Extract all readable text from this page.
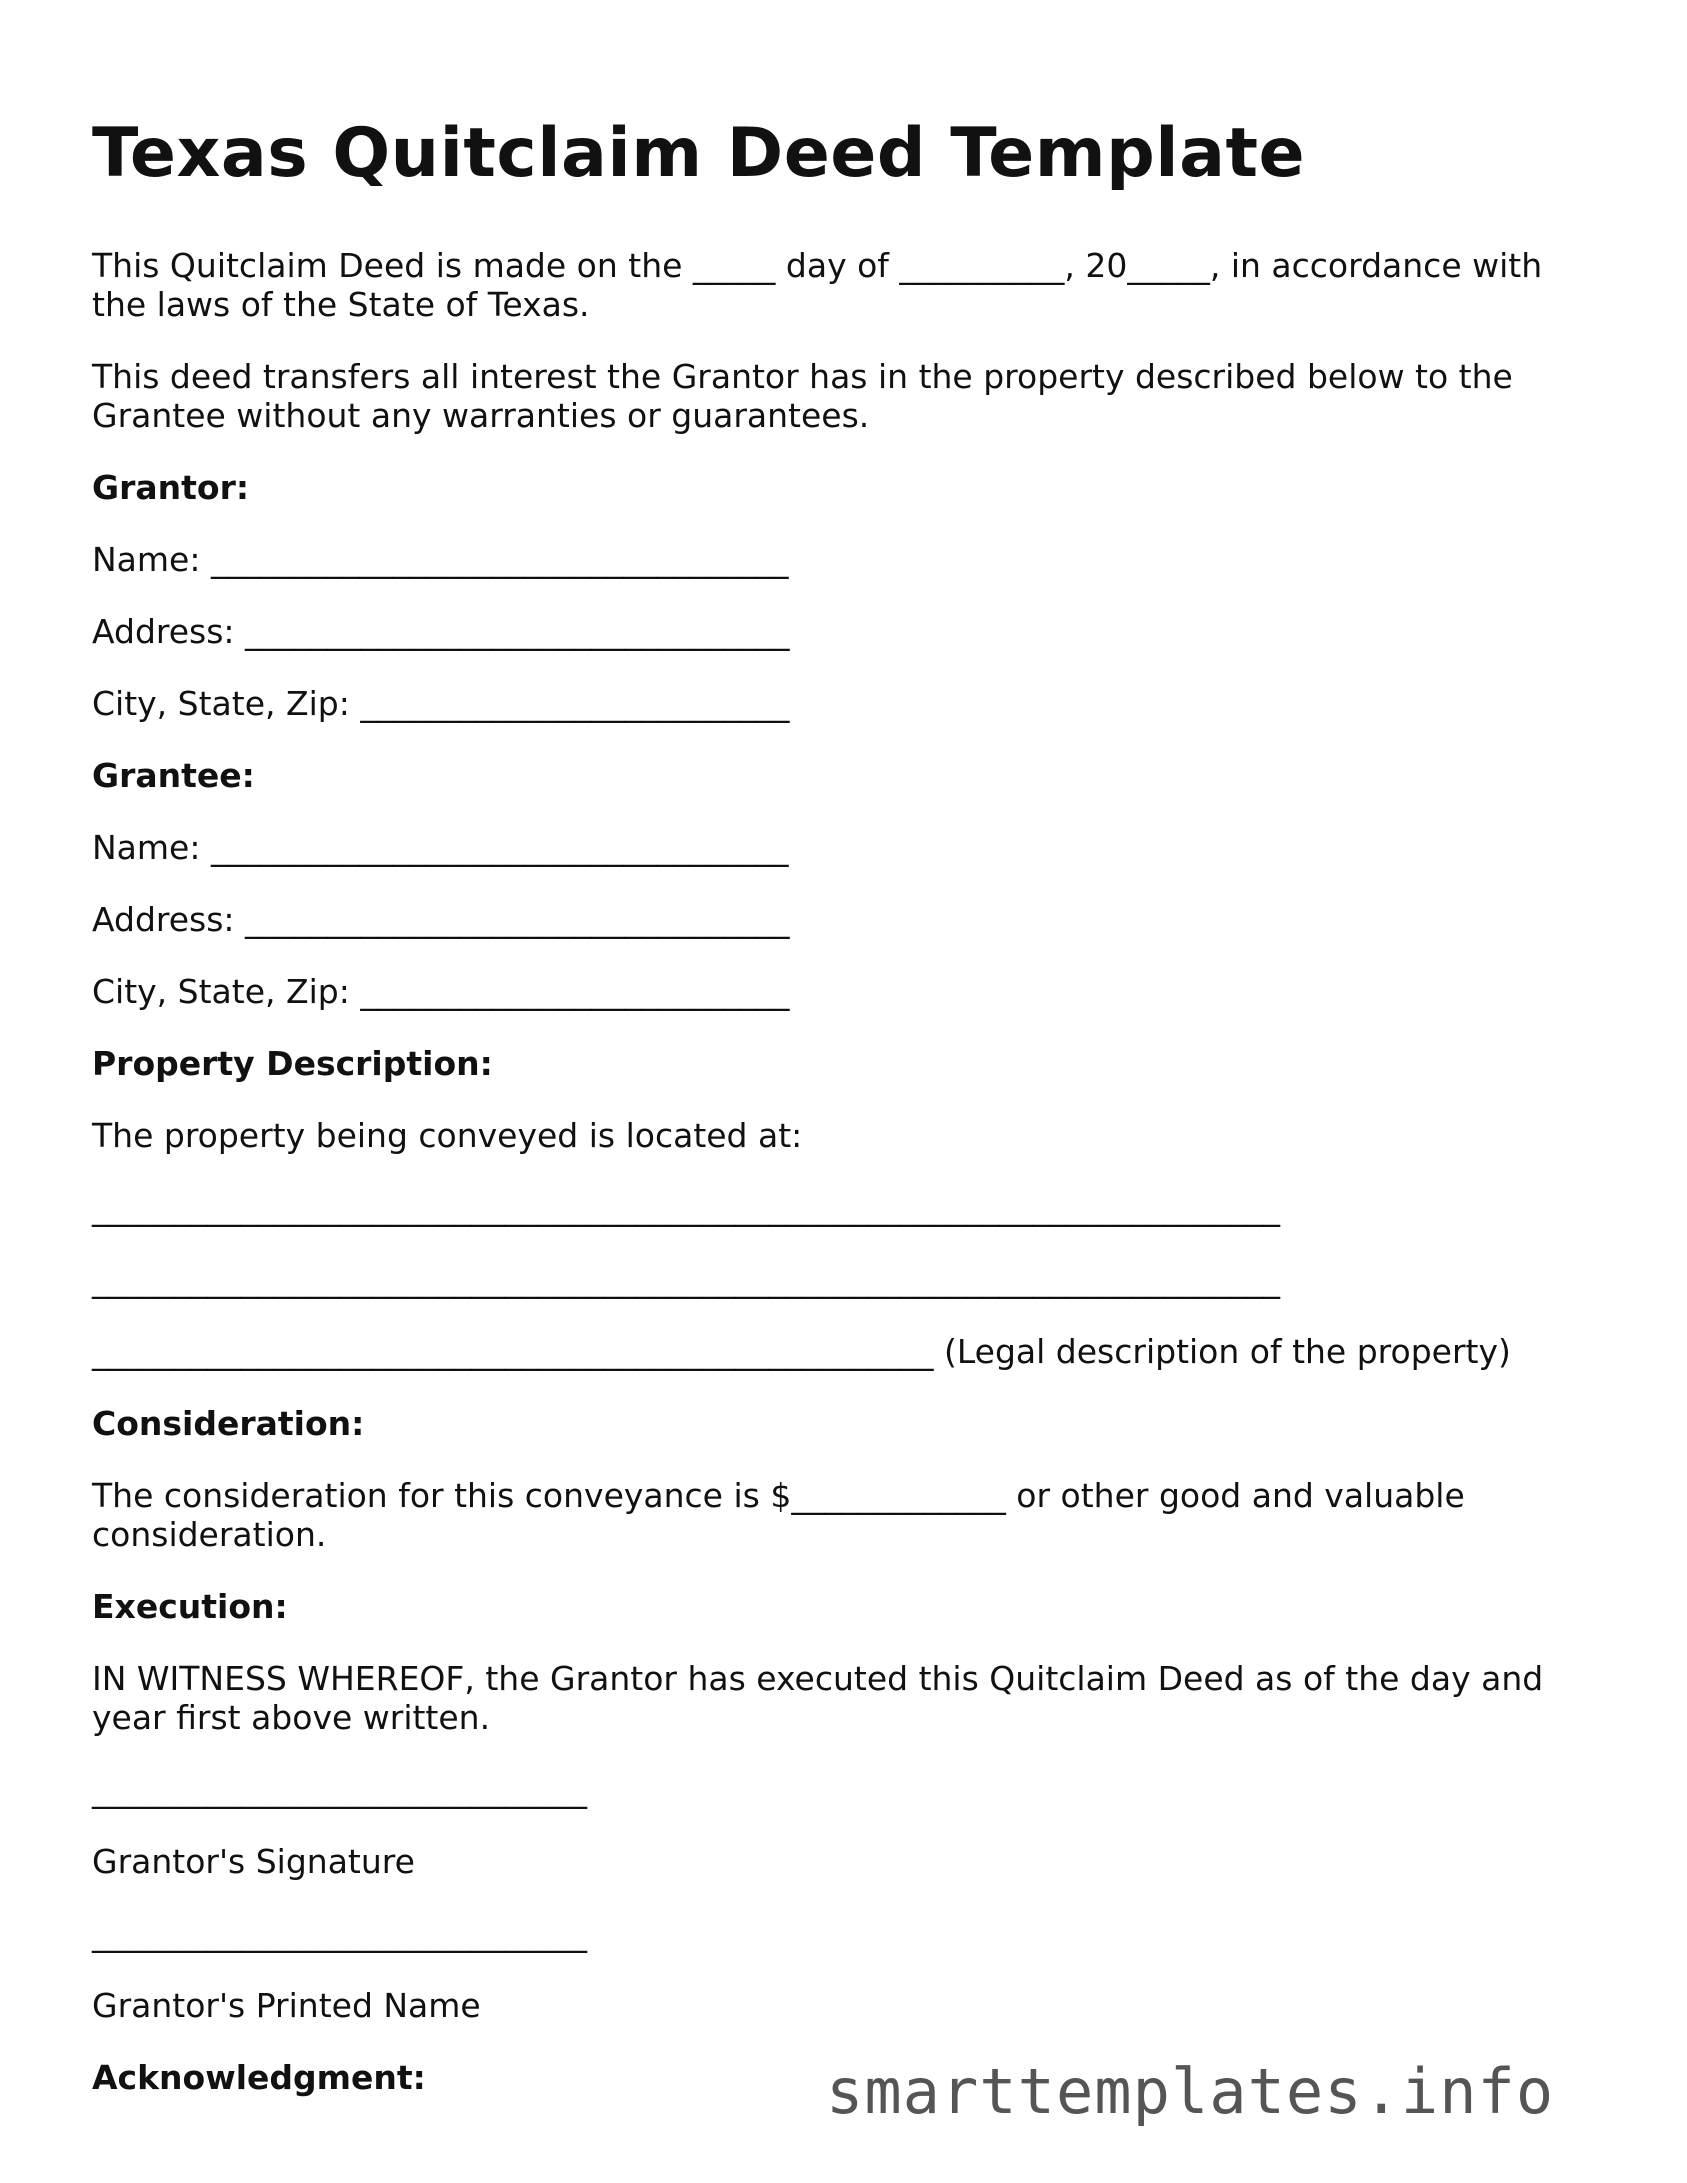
Texas Quitclaim Deed Template

This Quitclaim Deed is made on the _____ day of __________, 20_____, in accordance with

the laws of the State of Texas.

This deed transfers all interest the Grantor has in the property described below to the

Grantee without any warranties or guarantees.

Grantor:

Name: ___________________________________

Address: _________________________________

City, State, Zip: __________________________

Grantee:

Name: ___________________________________

Address: _________________________________

City, State, Zip: __________________________

Property Description:

The property being conveyed is located at:

________________________________________________________________________

________________________________________________________________________

___________________________________________________ (Legal description of the property)

Consideration:

The consideration for this conveyance is $_____________ or other good and valuable

consideration.

Execution:

IN WITNESS WHEREOF, the Grantor has executed this Quitclaim Deed as of the day and

year first above written.

______________________________

Grantor's Signature

______________________________

Grantor's Printed Name

Acknowledgment:	smarttemplates.info
